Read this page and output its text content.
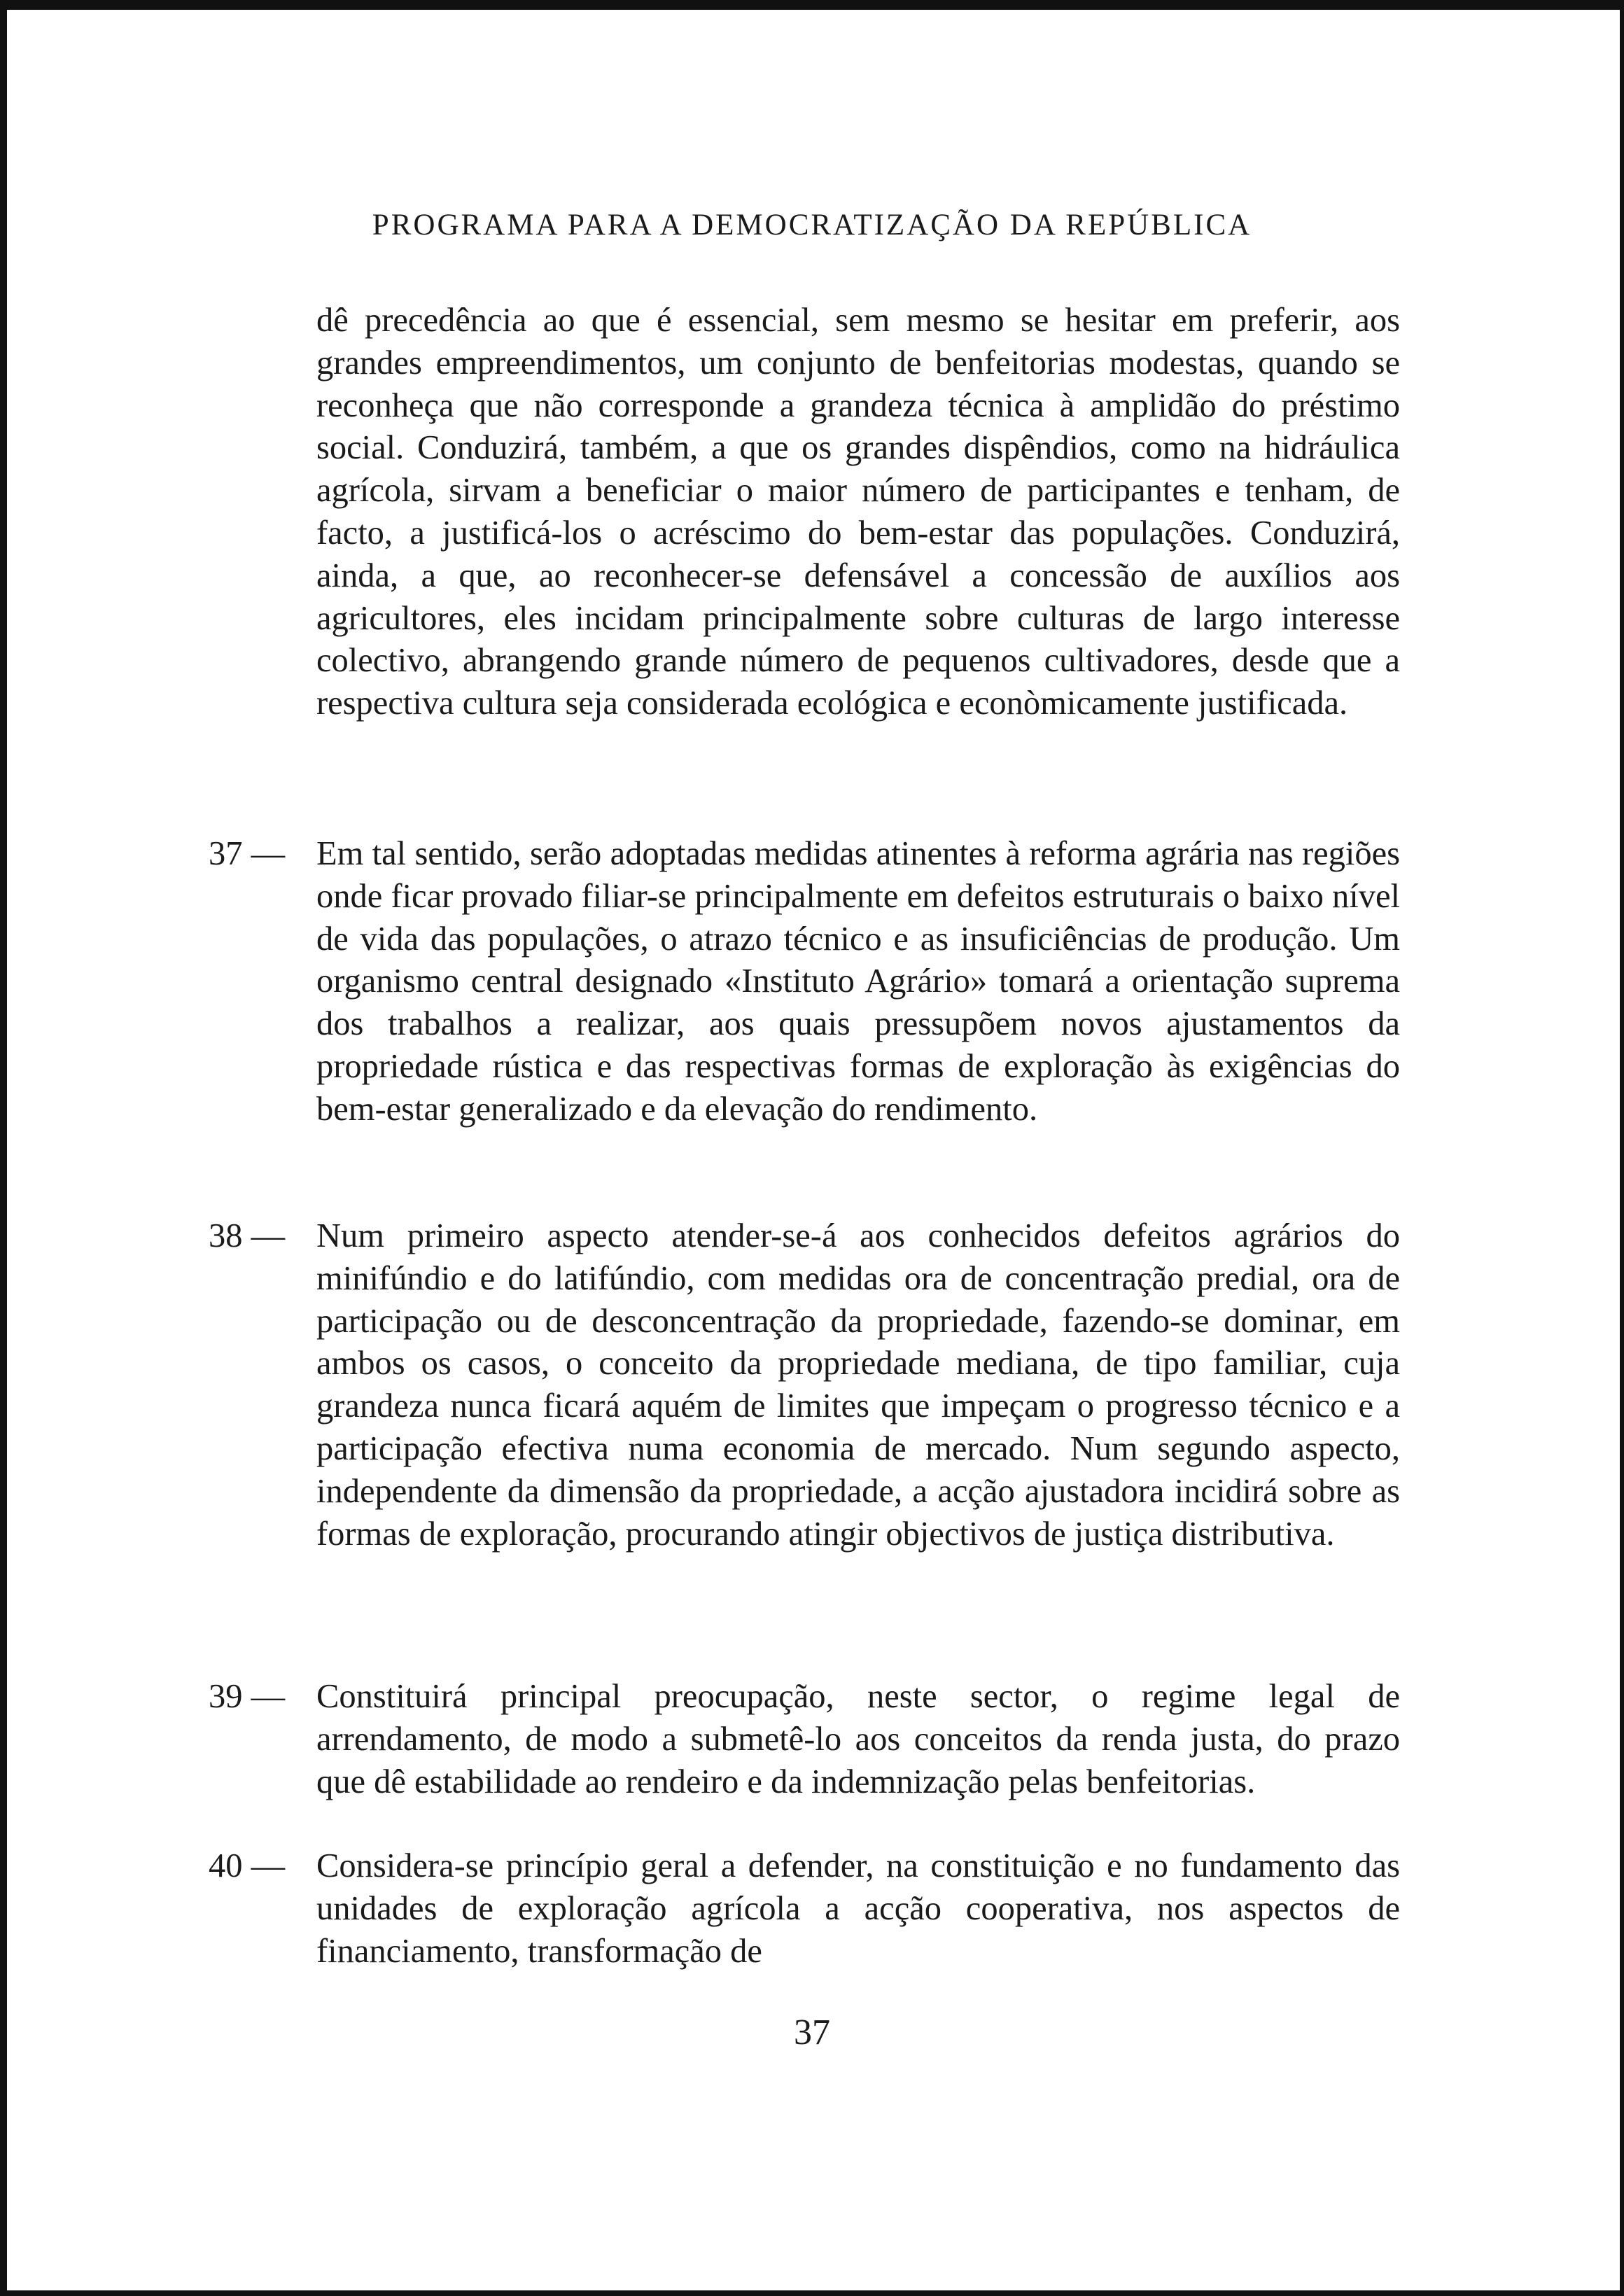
PROGRAMA PARA A DEMOCRATIZAÇÃO DA REPÚBLICA

dê precedência ao que é essencial, sem mesmo se hesitar em preferir, aos grandes empreendimentos, um conjunto de benfeitorias modestas, quando se reconheça que não corresponde a grandeza técnica à amplidão do préstimo social. Conduzirá, também, a que os grandes dispêndios, como na hidráulica agrícola, sirvam a beneficiar o maior número de participantes e tenham, de facto, a justificá-los o acréscimo do bem-estar das populações. Conduzirá, ainda, a que, ao reconhecer-se defensável a concessão de auxílios aos agricultores, eles incidam principalmente sobre culturas de largo interesse colectivo, abrangendo grande número de pequenos cultivadores, desde que a respectiva cultura seja considerada ecológica e econòmicamente justificada.

37 — Em tal sentido, serão adoptadas medidas atinentes à reforma agrária nas regiões onde ficar provado filiar-se principalmente em defeitos estruturais o baixo nível de vida das populações, o atrazo técnico e as insuficiências de produção. Um organismo central designado «Instituto Agrário» tomará a orientação suprema dos trabalhos a realizar, aos quais pressupõem novos ajustamentos da propriedade rústica e das respectivas formas de exploração às exigências do bem-estar generalizado e da elevação do rendimento.
38 — Num primeiro aspecto atender-se-á aos conhecidos defeitos agrários do minifúndio e do latifúndio, com medidas ora de concentração predial, ora de participação ou de desconcentração da propriedade, fazendo-se dominar, em ambos os casos, o conceito da propriedade mediana, de tipo familiar, cuja grandeza nunca ficará aquém de limites que impeçam o progresso técnico e a participação efectiva numa economia de mercado. Num segundo aspecto, independente da dimensão da propriedade, a acção ajustadora incidirá sobre as formas de exploração, procurando atingir objectivos de justiça distributiva.
39 — Constituirá principal preocupação, neste sector, o regime legal de arrendamento, de modo a submetê-lo aos conceitos da renda justa, do prazo que dê estabilidade ao rendeiro e da indemnização pelas benfeitorias.
40 — Considera-se princípio geral a defender, na constituição e no fundamento das unidades de exploração agrícola a acção cooperativa, nos aspectos de financiamento, transformação de
37
